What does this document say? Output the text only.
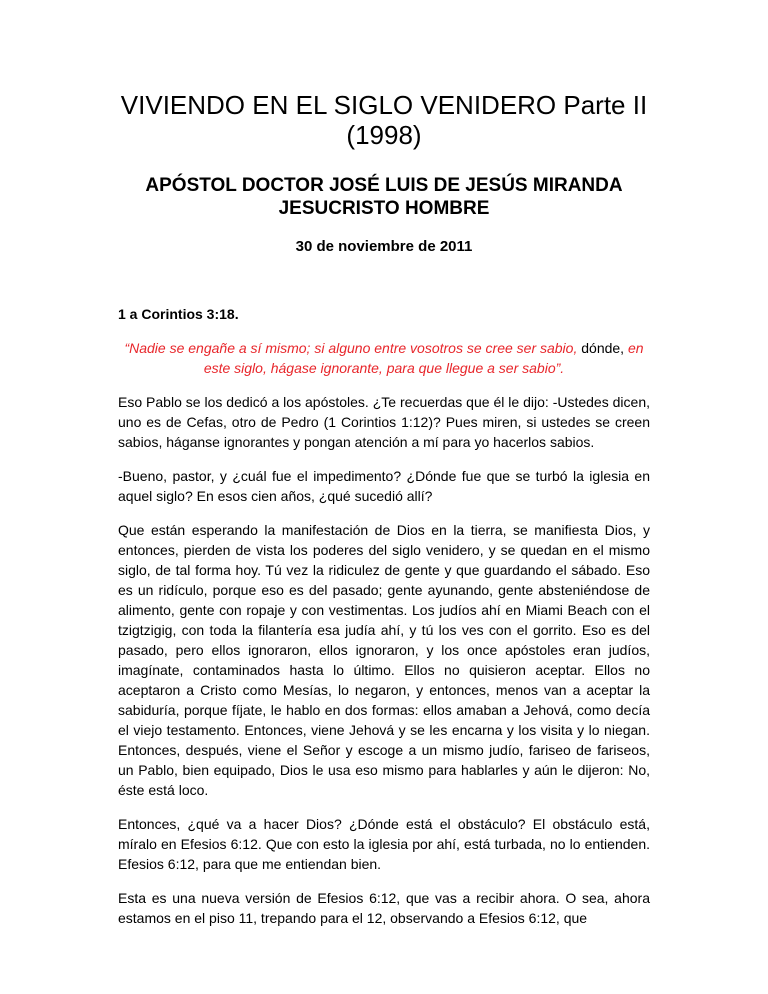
VIVIENDO EN EL SIGLO VENIDERO Parte II (1998)
APÓSTOL DOCTOR JOSÉ LUIS DE JESÚS MIRANDA
JESUCRISTO HOMBRE
30 de noviembre de 2011
1 a Corintios 3:18.

“Nadie se engañe a sí mismo; si alguno entre vosotros se cree ser sabio, dónde, en este siglo, hágase ignorante, para que llegue a ser sabio”.

Eso Pablo se los dedicó a los apóstoles. ¿Te recuerdas que él le dijo: -Ustedes dicen, uno es de Cefas, otro de Pedro (1 Corintios 1:12)? Pues miren, si ustedes se creen sabios, háganse ignorantes y pongan atención a mí para yo hacerlos sabios.

-Bueno, pastor, y ¿cuál fue el impedimento? ¿Dónde fue que se turbó la iglesia en aquel siglo? En esos cien años, ¿qué sucedió allí?

Que están esperando la manifestación de Dios en la tierra, se manifiesta Dios, y entonces, pierden de vista los poderes del siglo venidero, y se quedan en el mismo siglo, de tal forma hoy. Tú vez la ridiculez de gente y que guardando el sábado. Eso es un ridículo, porque eso es del pasado; gente ayunando, gente absteniéndose de alimento, gente con ropaje y con vestimentas. Los judíos ahí en Miami Beach con el tzigtzigig, con toda la filantería esa judía ahí, y tú los ves con el gorrito. Eso es del pasado, pero ellos ignoraron, ellos ignoraron, y los once apóstoles eran judíos, imagínate, contaminados hasta lo último. Ellos no quisieron aceptar. Ellos no aceptaron a Cristo como Mesías, lo negaron, y entonces, menos van a aceptar la sabiduría, porque fíjate, le hablo en dos formas: ellos amaban a Jehová, como decía el viejo testamento. Entonces, viene Jehová y se les encarna y los visita y lo niegan. Entonces, después, viene el Señor y escoge a un mismo judío, fariseo de fariseos, un Pablo, bien equipado, Dios le usa eso mismo para hablarles y aún le dijeron: No, éste está loco.

Entonces, ¿qué va a hacer Dios? ¿Dónde está el obstáculo? El obstáculo está, míralo en Efesios 6:12. Que con esto la iglesia por ahí, está turbada, no lo entienden. Efesios 6:12, para que me entiendan bien.

Esta es una nueva versión de Efesios 6:12, que vas a recibir ahora. O sea, ahora estamos en el piso 11, trepando para el 12, observando a Efesios 6:12, que
